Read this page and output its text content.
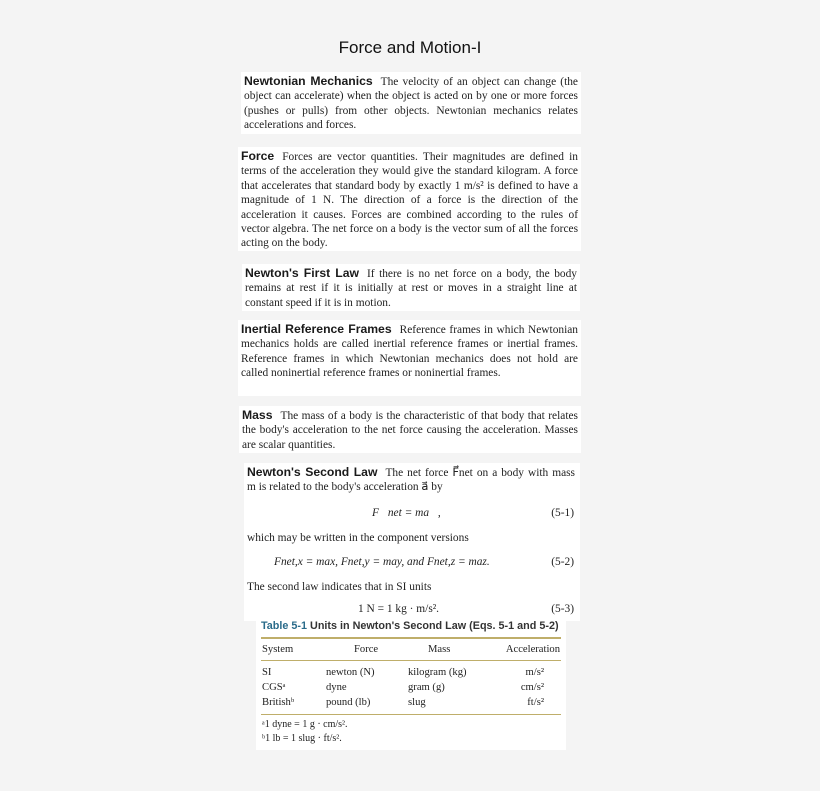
Force and Motion-I
Newtonian Mechanics The velocity of an object can change (the object can accelerate) when the object is acted on by one or more forces (pushes or pulls) from other objects. Newtonian mechanics relates accelerations and forces.
Force Forces are vector quantities. Their magnitudes are defined in terms of the acceleration they would give the standard kilogram. A force that accelerates that standard body by exactly 1 m/s² is defined to have a magnitude of 1 N. The direction of a force is the direction of the acceleration it causes. Forces are combined according to the rules of vector algebra. The net force on a body is the vector sum of all the forces acting on the body.
Newton's First Law If there is no net force on a body, the body remains at rest if it is initially at rest or moves in a straight line at constant speed if it is in motion.
Inertial Reference Frames Reference frames in which Newtonian mechanics holds are called inertial reference frames or inertial frames. Reference frames in which Newtonian mechanics does not hold are called noninertial reference frames or noninertial frames.
Mass The mass of a body is the characteristic of that body that relates the body's acceleration to the net force causing the acceleration. Masses are scalar quantities.
Newton's Second Law The net force F⃗net on a body with mass m is related to the body's acceleration a⃗ by
F⃗net = ma⃗,	(5-1)
which may be written in the component versions
Fnet,x = max, Fnet,y = may, and Fnet,z = maz.	(5-2)
The second law indicates that in SI units
1 N = 1 kg · m/s².	(5-3)
Table 5-1 Units in Newton's Second Law (Eqs. 5-1 and 5-2)
System	Force	Mass	Acceleration
SI	newton (N)	kilogram (kg)	m/s²
CGSᵃ	dyne	gram (g)	cm/s²
Britishᵇ	pound (lb)	slug	ft/s²
ᵃ1 dyne = 1 g · cm/s².
ᵇ1 lb = 1 slug · ft/s².
